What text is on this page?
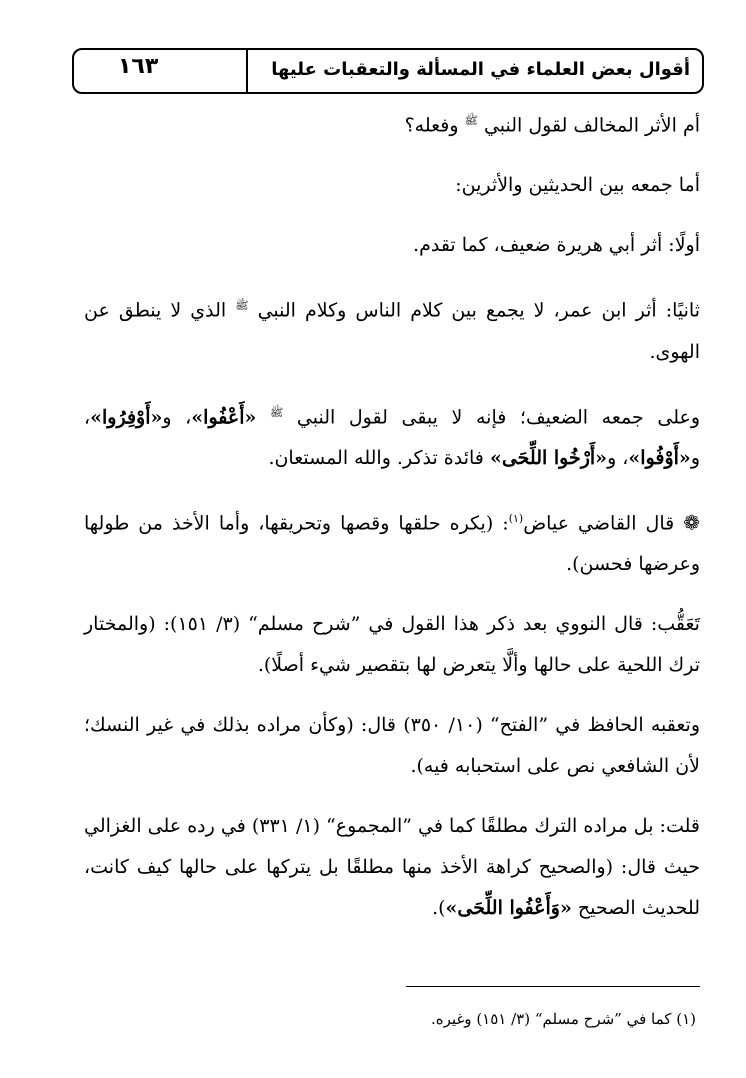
أقوال بعض العلماء في المسألة والتعقبات عليها
١٦٣

أم الأثر المخالف لقول النبي $^ﷺ$ وفعله؟

أما جمعه بين الحديثين والأثرين:

أولًا: أثر أبي هريرة ضعيف، كما تقدم.

ثانيًا: أثر ابن عمر، لا يجمع بين كلام الناس وكلام النبي $^ﷺ$ الذي لا ينطق عن الهوى.

وعلى جمعه الضعيف؛ فإنه لا يبقى لقول النبي $^ﷺ$ «أَعْفُوا»، و«أَوْفِرُوا»، و«أَوْفُوا»، و«أَرْخُوا اللِّحَى» فائدة تذكر. والله المستعان.

❁ قال القاضي عياض$^{(١)}$: (يكره حلقها وقصها وتحريقها، وأما الأخذ من طولها وعرضها فحسن).

تَعَقُّب: قال النووي بعد ذكر هذا القول في ”شرح مسلم“ (٣/ ١٥١): (والمختار ترك اللحية على حالها وألَّا يتعرض لها بتقصير شيء أصلًا).

وتعقبه الحافظ في ”الفتح“ (١٠/ ٣٥٠) قال: (وكأن مراده بذلك في غير النسك؛ لأن الشافعي نص على استحبابه فيه).

قلت: بل مراده الترك مطلقًا كما في ”المجموع“ (١/ ٣٣١) في رده على الغزالي حيث قال: (والصحيح كراهة الأخذ منها مطلقًا بل يتركها على حالها كيف كانت، للحديث الصحيح «وَأَعْفُوا اللِّحَى»).

(١) كما في ”شرح مسلم“ (٣/ ١٥١) وغيره.
